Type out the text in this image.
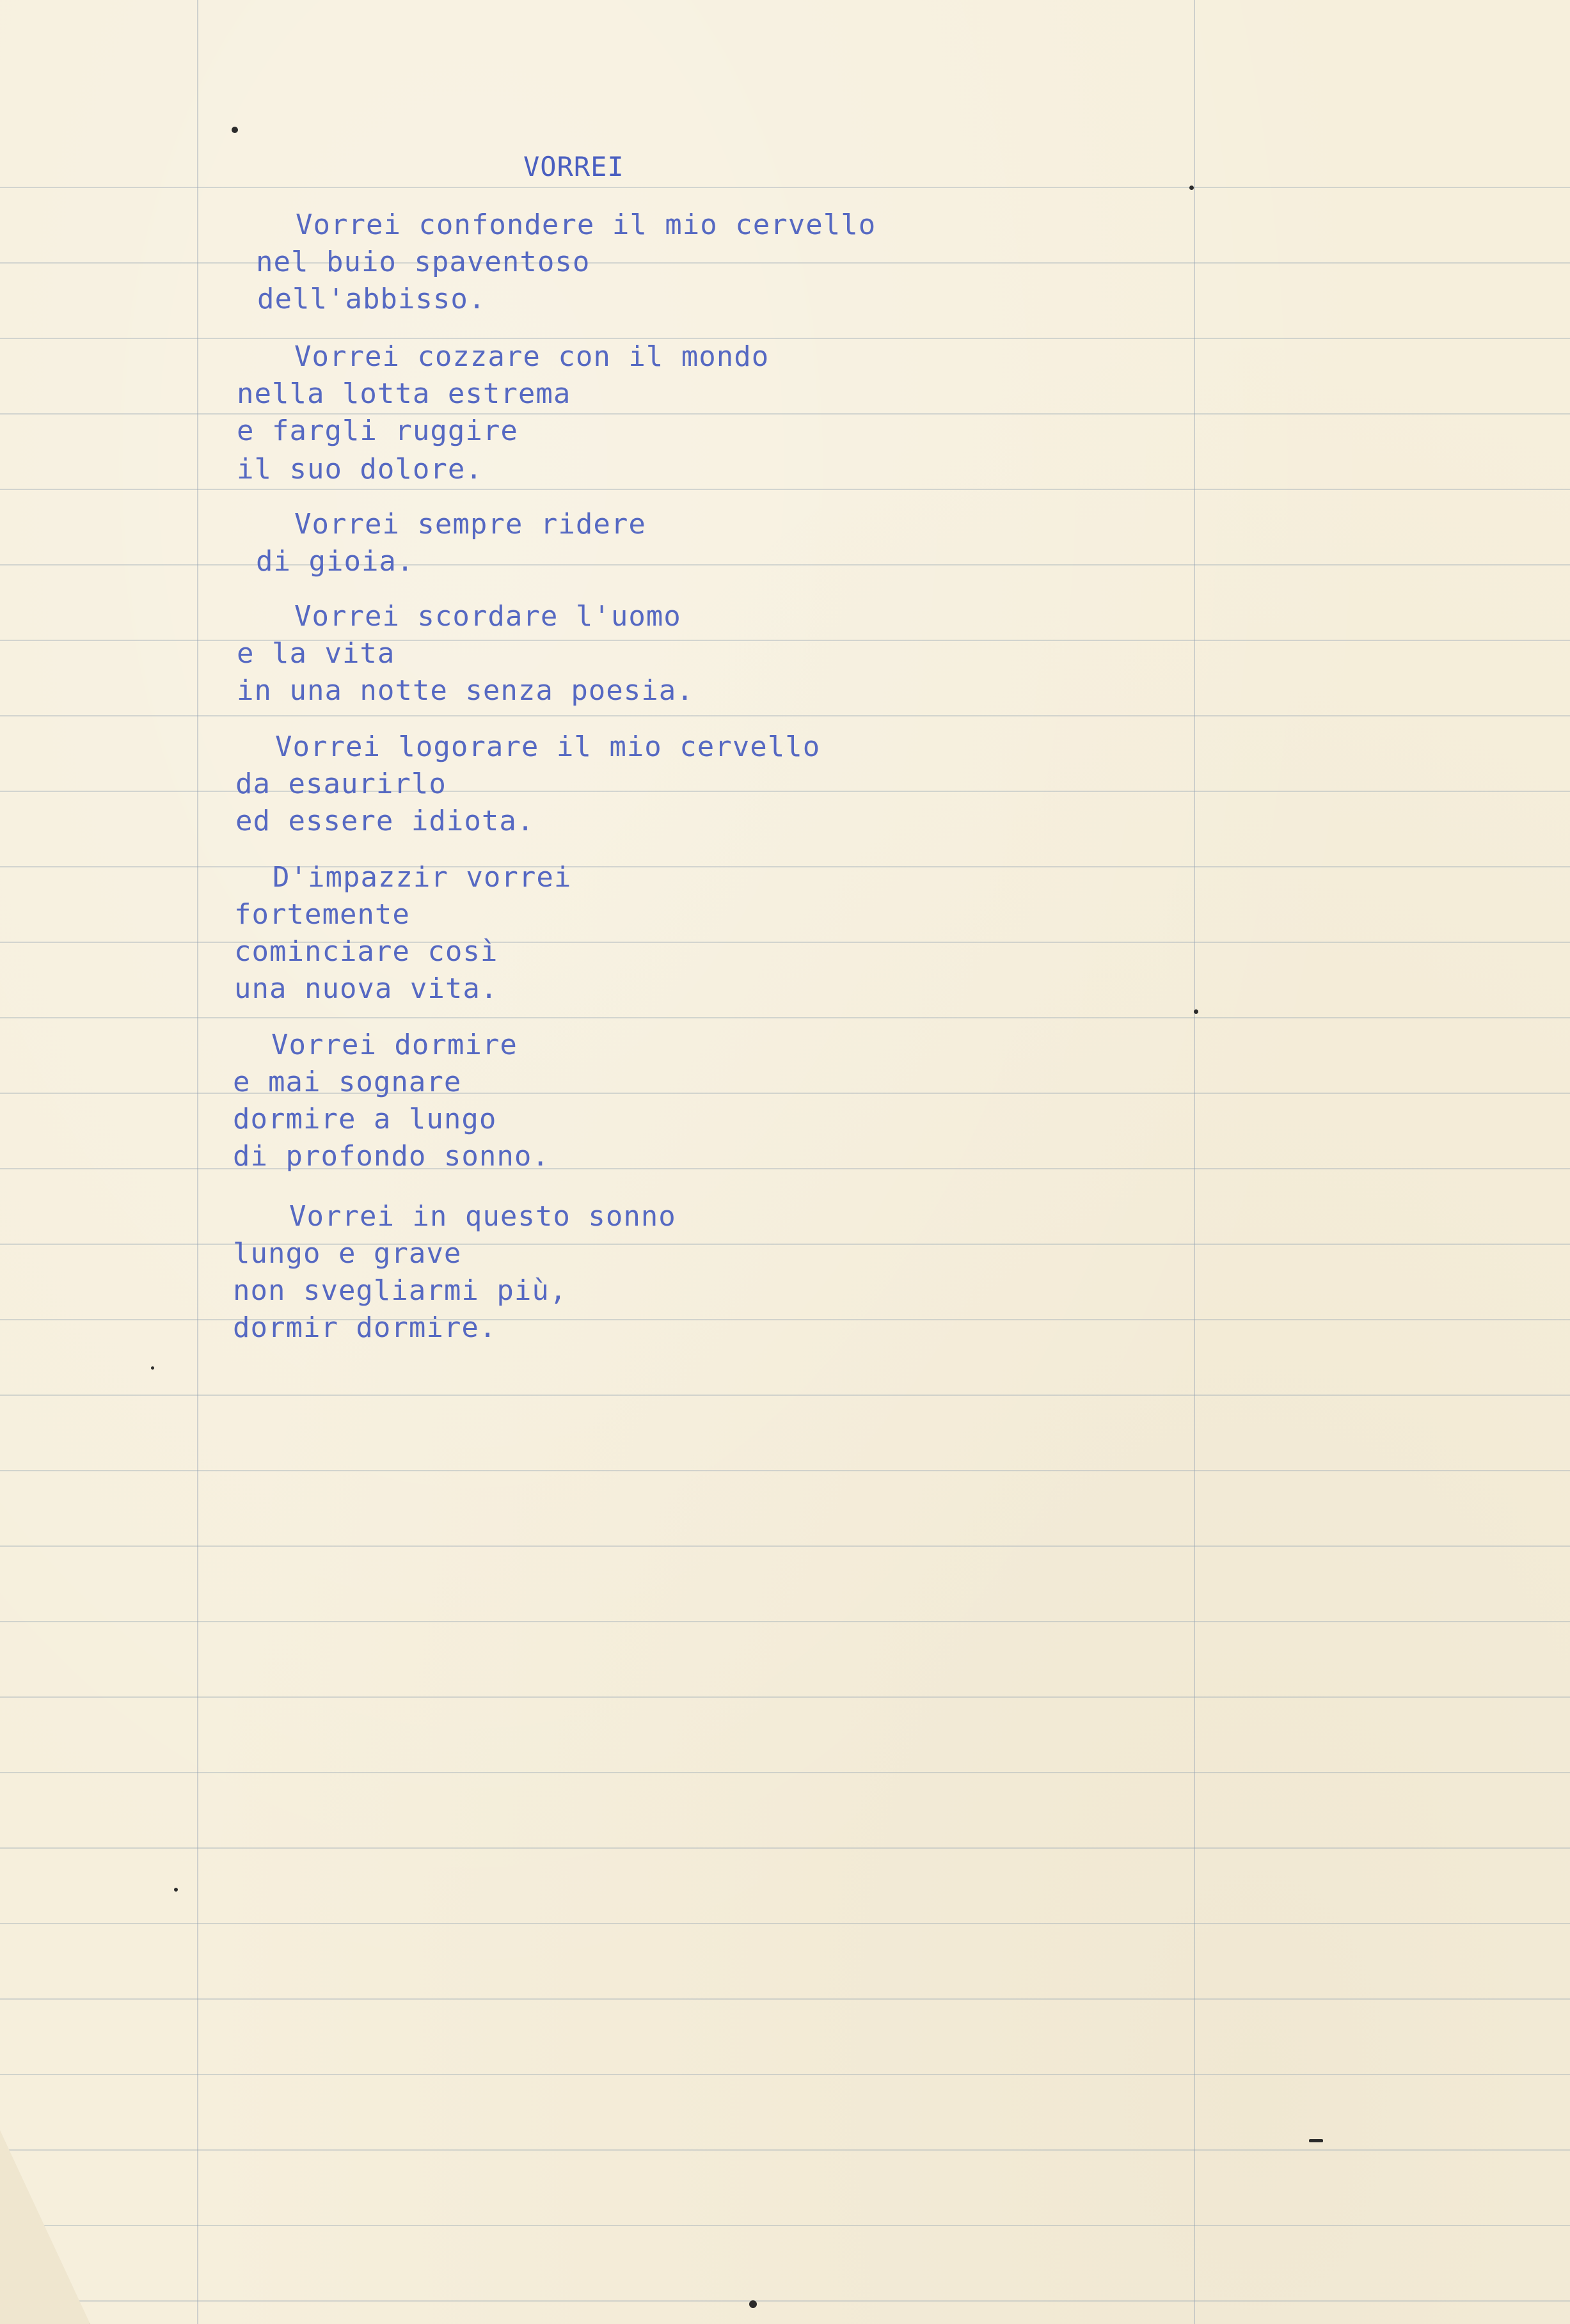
VORREI
Vorrei confondere il mio cervello
nel buio spaventoso
dell'abbisso.
Vorrei cozzare con il mondo
nella lotta estrema
e fargli ruggire
il suo dolore.
Vorrei sempre ridere
di gioia.
Vorrei scordare l'uomo
e la vita
in una notte senza poesia.
Vorrei logorare il mio cervello
da esaurirlo
ed essere idiota.
D'impazzir vorrei
fortemente
cominciare così
una nuova vita.
Vorrei dormire
e mai sognare
dormire a lungo
di profondo sonno.
Vorrei in questo sonno
lungo e grave
non svegliarmi più,
dormir dormire.
